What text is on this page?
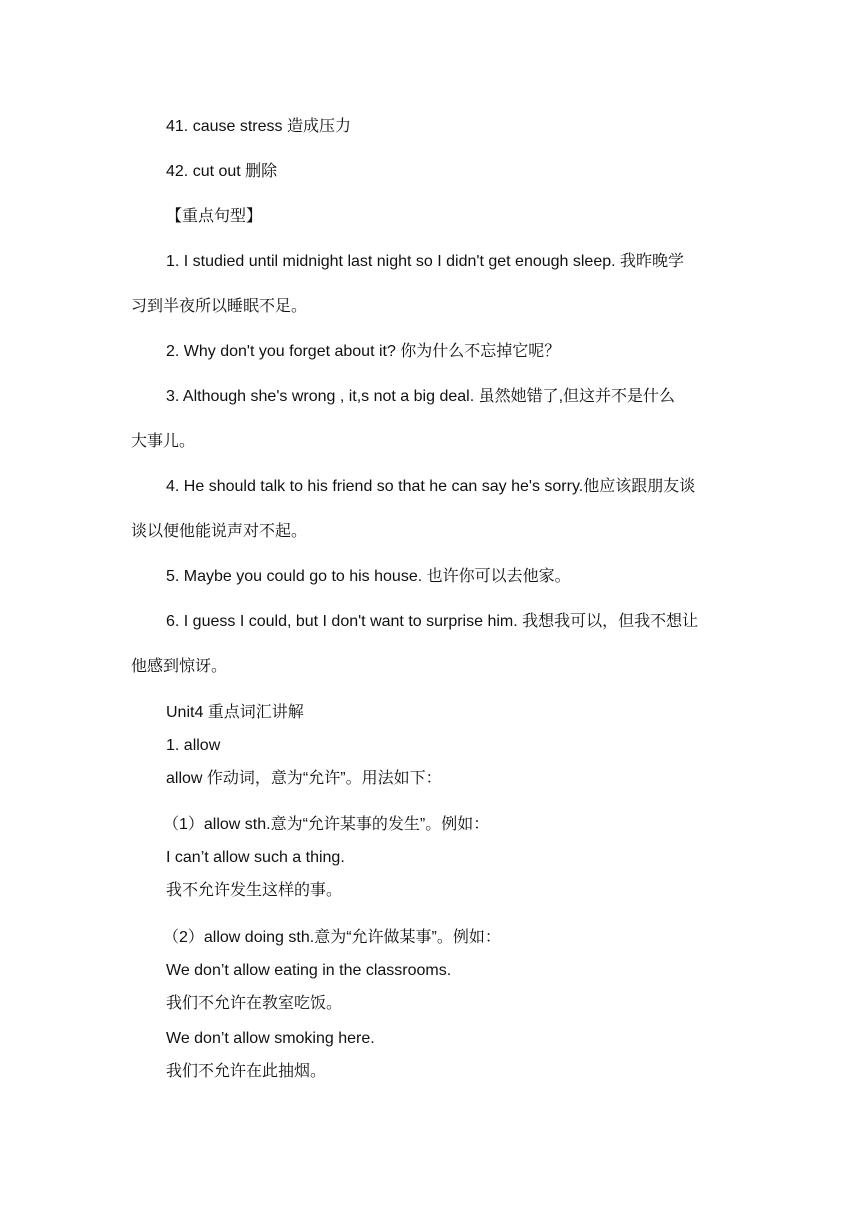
41. cause stress 造成压力
42. cut out 删除
【重点句型】
1. I studied until midnight last night so I didn't get enough sleep. 我昨晚学
习到半夜所以睡眠不足。
2. Why don't you forget about it? 你为什么不忘掉它呢？
3. Although she's wrong , it,s not a big deal. 虽然她错了,但这并不是什么
大事儿。
4. He should talk to his friend so that he can say he's sorry.他应该跟朋友谈
谈以便他能说声对不起。
5. Maybe you could go to his house. 也许你可以去他家。
6. I guess I could, but I don't want to surprise him. 我想我可以，但我不想让
他感到惊讶。
Unit4 重点词汇讲解
1. allow
allow 作动词，意为“允许”。用法如下：
（1）allow sth.意为“允许某事的发生”。例如：
I can’t allow such a thing.
我不允许发生这样的事。
（2）allow doing sth.意为“允许做某事”。例如：
We don’t allow eating in the classrooms.
我们不允许在教室吃饭。
We don’t allow smoking here.
我们不允许在此抽烟。
